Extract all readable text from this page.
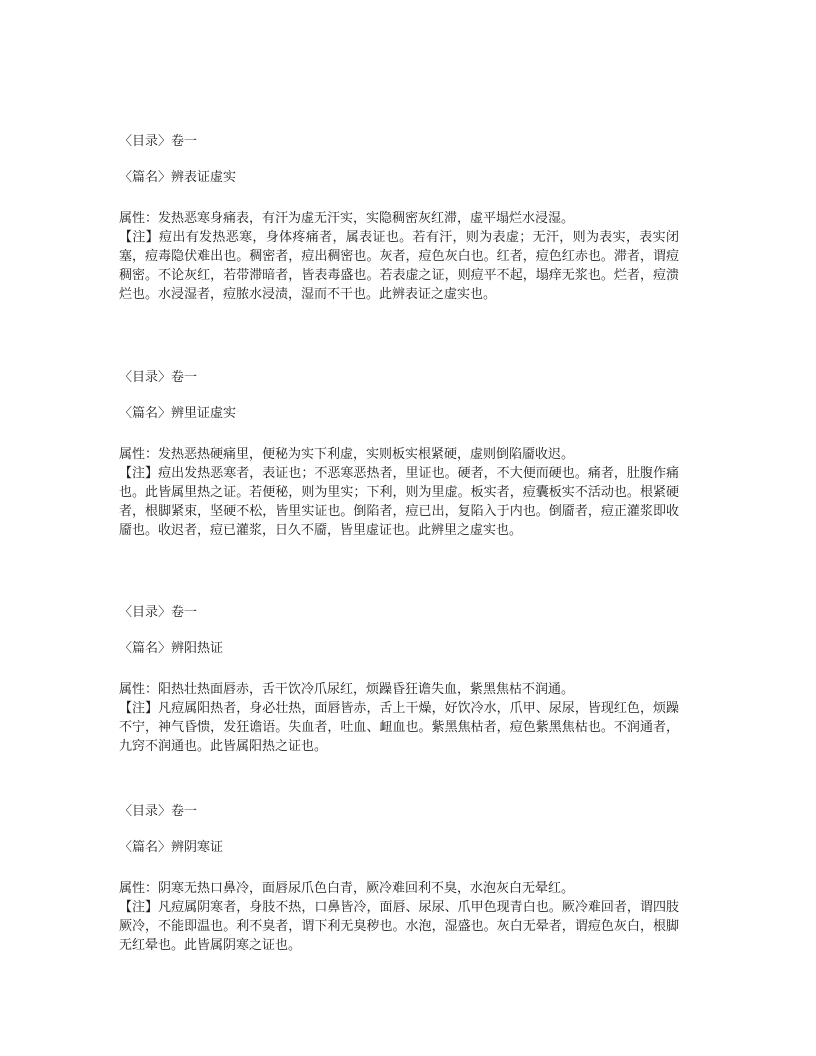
〈目录〉卷一
〈篇名〉辨表证虚实
属性：发热恶寒身痛表，有汗为虚无汗实，实隐稠密灰红滞，虚平塌烂水浸湿。
【注】痘出有发热恶寒，身体疼痛者，属表证也。若有汗，则为表虚；无汗，则为表实，表实闭塞，痘毒隐伏难出也。稠密者，痘出稠密也。灰者，痘色灰白也。红者，痘色红赤也。滞者，谓痘稠密。不论灰红，若带滞暗者，皆表毒盛也。若表虚之证，则痘平不起，塌痒无浆也。烂者，痘溃烂也。水浸湿者，痘脓水浸渍，湿而不干也。此辨表证之虚实也。
〈目录〉卷一
〈篇名〉辨里证虚实
属性：发热恶热硬痛里，便秘为实下利虚，实则板实根紧硬，虚则倒陷靥收迟。
【注】痘出发热恶寒者，表证也；不恶寒恶热者，里证也。硬者，不大便而硬也。痛者，肚腹作痛也。此皆属里热之证。若便秘，则为里实；下利，则为里虚。板实者，痘囊板实不活动也。根紧硬者，根脚紧束，坚硬不松，皆里实证也。倒陷者，痘已出，复陷入于内也。倒靥者，痘正灌浆即收靥也。收迟者，痘已灌浆，日久不靥，皆里虚证也。此辨里之虚实也。
〈目录〉卷一
〈篇名〉辨阳热证
属性：阳热壮热面唇赤，舌干饮冷爪尿红，烦躁昏狂谵失血，紫黑焦枯不润通。
【注】凡痘属阳热者，身必壮热，面唇皆赤，舌上干燥，好饮冷水，爪甲、尿尿，皆现红色，烦躁不宁，神气昏愦，发狂谵语。失血者，吐血、衄血也。紫黑焦枯者，痘色紫黑焦枯也。不润通者，九窍不润通也。此皆属阳热之证也。
〈目录〉卷一
〈篇名〉辨阴寒证
属性：阴寒无热口鼻冷，面唇尿爪色白青，厥冷难回利不臭，水泡灰白无晕红。
【注】凡痘属阴寒者，身肢不热，口鼻皆冷，面唇、尿尿、爪甲色现青白也。厥冷难回者，谓四肢厥冷，不能即温也。利不臭者，谓下利无臭秽也。水泡，湿盛也。灰白无晕者，谓痘色灰白，根脚无红晕也。此皆属阴寒之证也。
